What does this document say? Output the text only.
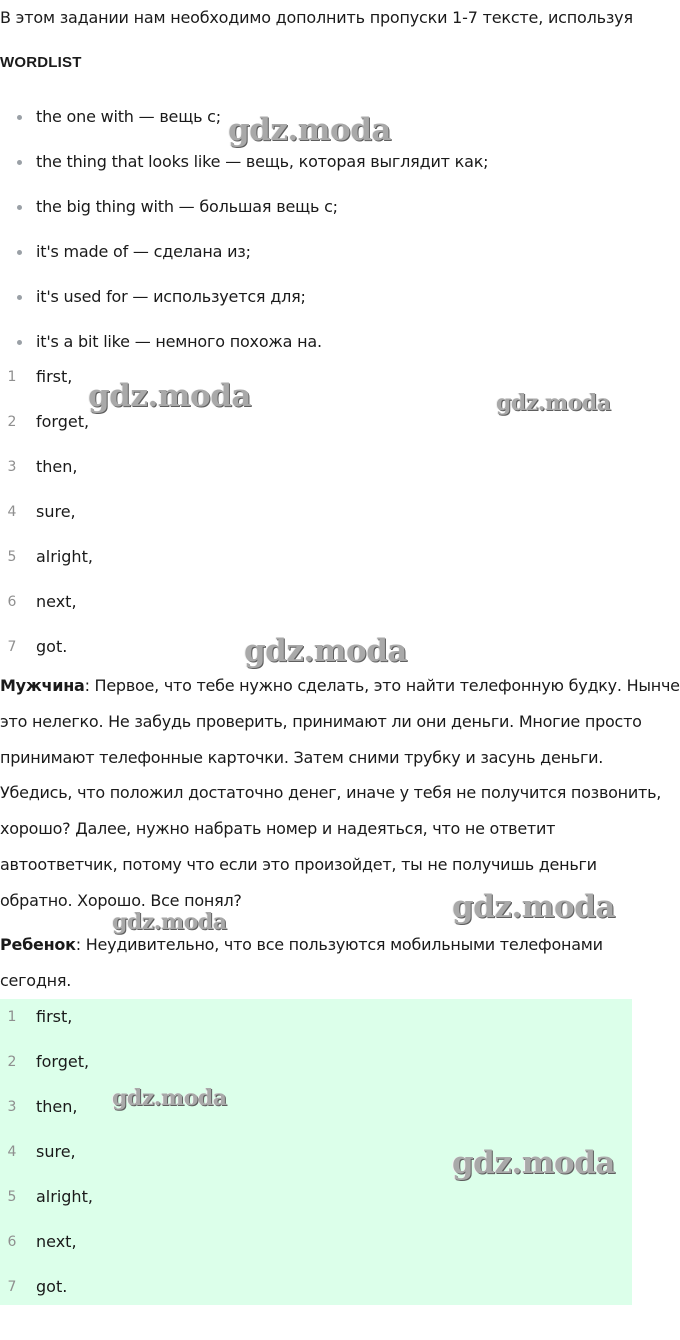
В этом задании нам необходимо дополнить пропуски 1-7 тексте, используя
WORDLIST
the one with — вещь с;
the thing that looks like — вещь, которая выглядит как;
the big thing with — большая вещь с;
it's made of — сделана из;
it's used for — используется для;
it's a bit like — немного похожа на.
1	first,
2	forget,
3	then,
4	sure,
5	alright,
6	next,
7	got.

Мужчина: Первое, что тебе нужно сделать, это найти телефонную будку. Нынче
это нелегко. Не забудь проверить, принимают ли они деньги. Многие просто
принимают телефонные карточки. Затем сними трубку и засунь деньги.
Убедись, что положил достаточно денег, иначе у тебя не получится позвонить,
хорошо? Далее, нужно набрать номер и надеяться, что не ответит
автоответчик, потому что если это произойдет, ты не получишь деньги
обратно. Хорошо. Все понял?

Ребенок: Неудивительно, что все пользуются мобильными телефонами
сегодня.

1	first,
2	forget,
3	then,
4	sure,
5	alright,
6	next,
7	got.
gdz.moda
gdz.moda	gdz.moda
gdz.moda
gdz.moda
gdz.moda
gdz.moda
gdz.moda
